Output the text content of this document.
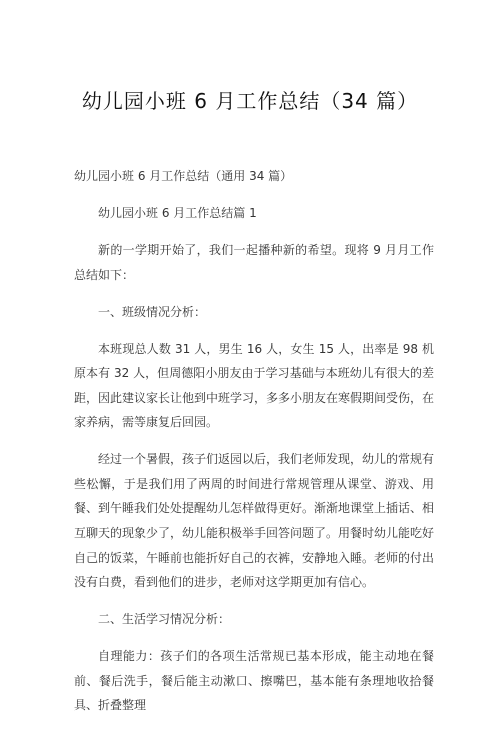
幼儿园小班 6 月工作总结（34 篇）

幼儿园小班 6 月工作总结（通用 34 篇）

幼儿园小班 6 月工作总结篇 1

新的一学期开始了，我们一起播种新的希望。现将 9 月月工作总结如下：

一、班级情况分析：

本班现总人数 31 人，男生 16 人，女生 15 人，出率是 98 机原本有 32 人，但周德阳小朋友由于学习基础与本班幼儿有很大的差距，因此建议家长让他到中班学习，多多小朋友在寒假期间受伤，在家养病，需等康复后回园。

经过一个暑假，孩子们返园以后，我们老师发现，幼儿的常规有些松懈，于是我们用了两周的时间进行常规管理从课堂、游戏、用餐、到午睡我们处处提醒幼儿怎样做得更好。渐渐地课堂上插话、相互聊天的现象少了，幼儿能积极举手回答问题了。用餐时幼儿能吃好自己的饭菜，午睡前也能折好自己的衣裤，安静地入睡。老师的付出没有白费，看到他们的进步，老师对这学期更加有信心。

二、生活学习情况分析：

自理能力：孩子们的各项生活常规已基本形成，能主动地在餐前、餐后洗手，餐后能主动漱口、擦嘴巴，基本能有条理地收拾餐具、折叠整理
